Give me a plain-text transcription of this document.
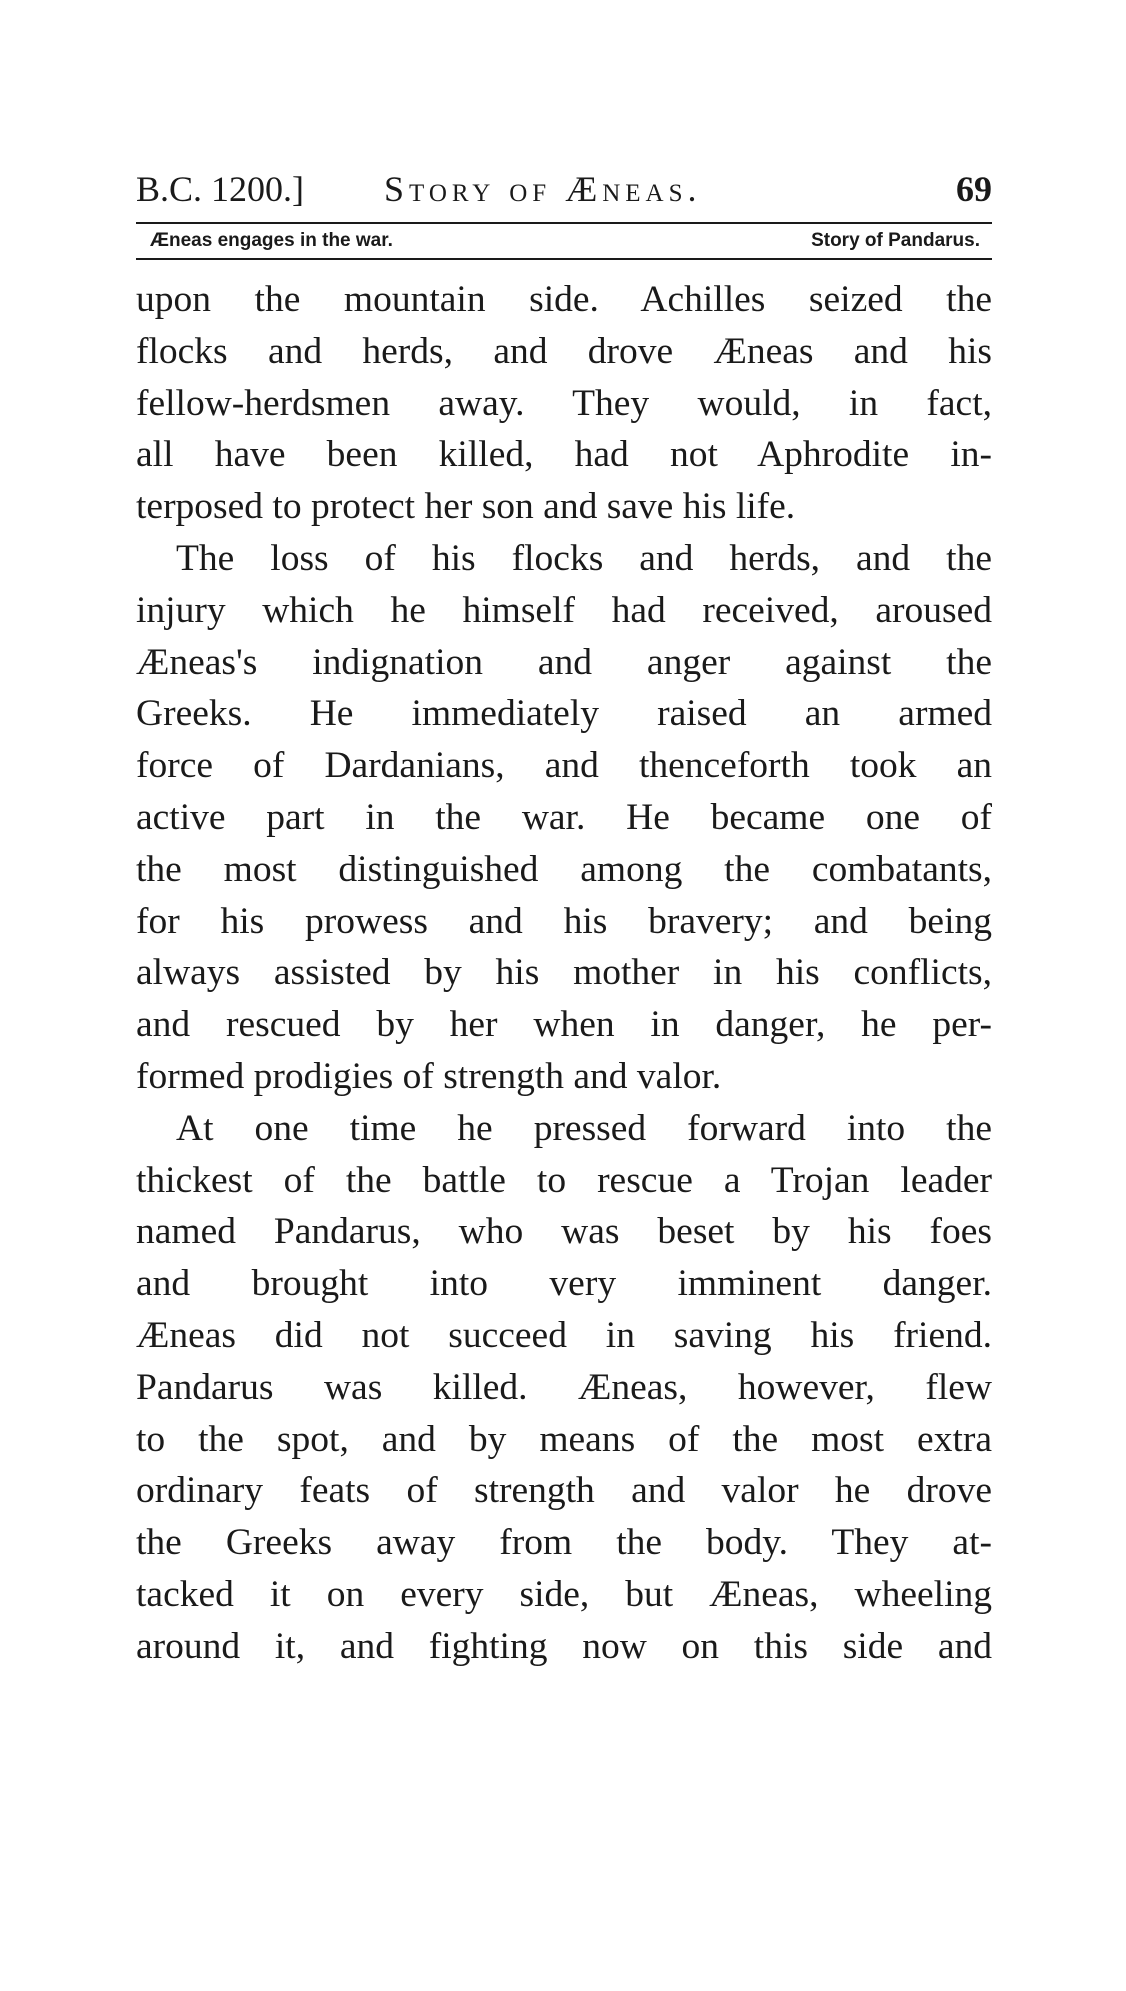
B.C. 1200.] Story of Æneas.	69
Æneas engages in the war.	Story of Pandarus.
upon the mountain side. Achilles seized the
flocks and herds, and drove Æneas and his
fellow-herdsmen away. They would, in fact,
all have been killed, had not Aphrodite in-
terposed to protect her son and save his life.
The loss of his flocks and herds, and the
injury which he himself had received, aroused
Æneas's indignation and anger against the
Greeks. He immediately raised an armed
force of Dardanians, and thenceforth took an
active part in the war. He became one of
the most distinguished among the combatants,
for his prowess and his bravery; and being
always assisted by his mother in his conflicts,
and rescued by her when in danger, he per-
formed prodigies of strength and valor.
At one time he pressed forward into the
thickest of the battle to rescue a Trojan leader
named Pandarus, who was beset by his foes
and brought into very imminent danger.
Æneas did not succeed in saving his friend.
Pandarus was killed. Æneas, however, flew
to the spot, and by means of the most extra
ordinary feats of strength and valor he drove
the Greeks away from the body. They at-
tacked it on every side, but Æneas, wheeling
around it, and fighting now on this side and
